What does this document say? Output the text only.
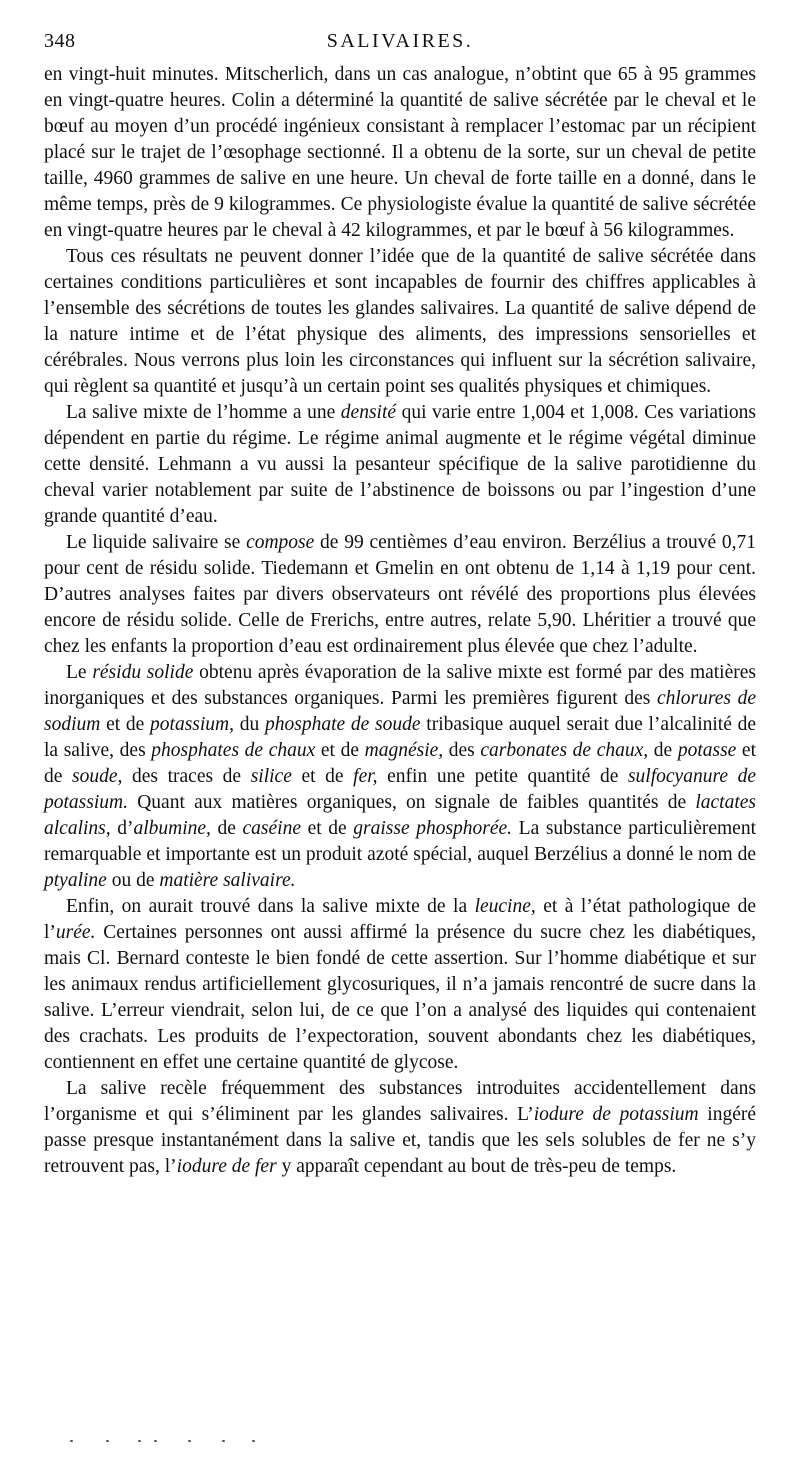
348	SALIVAIRES.

en vingt-huit minutes. Mitscherlich, dans un cas analogue, n’obtint que 65 à 95 grammes en vingt-quatre heures. Colin a déterminé la quantité de salive sécrétée par le cheval et le bœuf au moyen d’un procédé ingénieux consistant à remplacer l’estomac par un récipient placé sur le trajet de l’œsophage sectionné. Il a obtenu de la sorte, sur un cheval de petite taille, 4960 grammes de salive en une heure. Un cheval de forte taille en a donné, dans le même temps, près de 9 kilogrammes. Ce physiologiste évalue la quantité de salive sécrétée en vingt-quatre heures par le cheval à 42 kilogrammes, et par le bœuf à 56 kilogrammes.

Tous ces résultats ne peuvent donner l’idée que de la quantité de salive sécrétée dans certaines conditions particulières et sont incapables de fournir des chiffres applicables à l’ensemble des sécrétions de toutes les glandes salivaires. La quantité de salive dépend de la nature intime et de l’état physique des aliments, des impressions sensorielles et cérébrales. Nous verrons plus loin les circonstances qui influent sur la sécrétion salivaire, qui règlent sa quantité et jusqu’à un certain point ses qualités physiques et chimiques.

La salive mixte de l’homme a une densité qui varie entre 1,004 et 1,008. Ces variations dépendent en partie du régime. Le régime animal augmente et le régime végétal diminue cette densité. Lehmann a vu aussi la pesanteur spécifique de la salive parotidienne du cheval varier notablement par suite de l’abstinence de boissons ou par l’ingestion d’une grande quantité d’eau.

Le liquide salivaire se compose de 99 centièmes d’eau environ. Berzélius a trouvé 0,71 pour cent de résidu solide. Tiedemann et Gmelin en ont obtenu de 1,14 à 1,19 pour cent. D’autres analyses faites par divers observateurs ont révélé des proportions plus élevées encore de résidu solide. Celle de Frerichs, entre autres, relate 5,90. Lhéritier a trouvé que chez les enfants la proportion d’eau est ordinairement plus élevée que chez l’adulte.

Le résidu solide obtenu après évaporation de la salive mixte est formé par des matières inorganiques et des substances organiques. Parmi les premières figurent des chlorures de sodium et de potassium, du phosphate de soude tribasique auquel serait due l’alcalinité de la salive, des phosphates de chaux et de magnésie, des carbonates de chaux, de potasse et de soude, des traces de silice et de fer, enfin une petite quantité de sulfocyanure de potassium. Quant aux matières organiques, on signale de faibles quantités de lactates alcalins, d’albumine, de caséine et de graisse phosphorée. La substance particulièrement remarquable et importante est un produit azoté spécial, auquel Berzélius a donné le nom de ptyaline ou de matière salivaire.

Enfin, on aurait trouvé dans la salive mixte de la leucine, et à l’état pathologique de l’urée. Certaines personnes ont aussi affirmé la présence du sucre chez les diabétiques, mais Cl. Bernard conteste le bien fondé de cette assertion. Sur l’homme diabétique et sur les animaux rendus artificiellement glycosuriques, il n’a jamais rencontré de sucre dans la salive. L’erreur viendrait, selon lui, de ce que l’on a analysé des liquides qui contenaient des crachats. Les produits de l’expectoration, souvent abondants chez les diabétiques, contiennent en effet une certaine quantité de glycose.

La salive recèle fréquemment des substances introduites accidentellement dans l’organisme et qui s’éliminent par les glandes salivaires. L’iodure de potassium ingéré passe presque instantanément dans la salive et, tandis que les sels solubles de fer ne s’y retrouvent pas, l’iodure de fer y apparaît cependant au bout de très-peu de temps.
